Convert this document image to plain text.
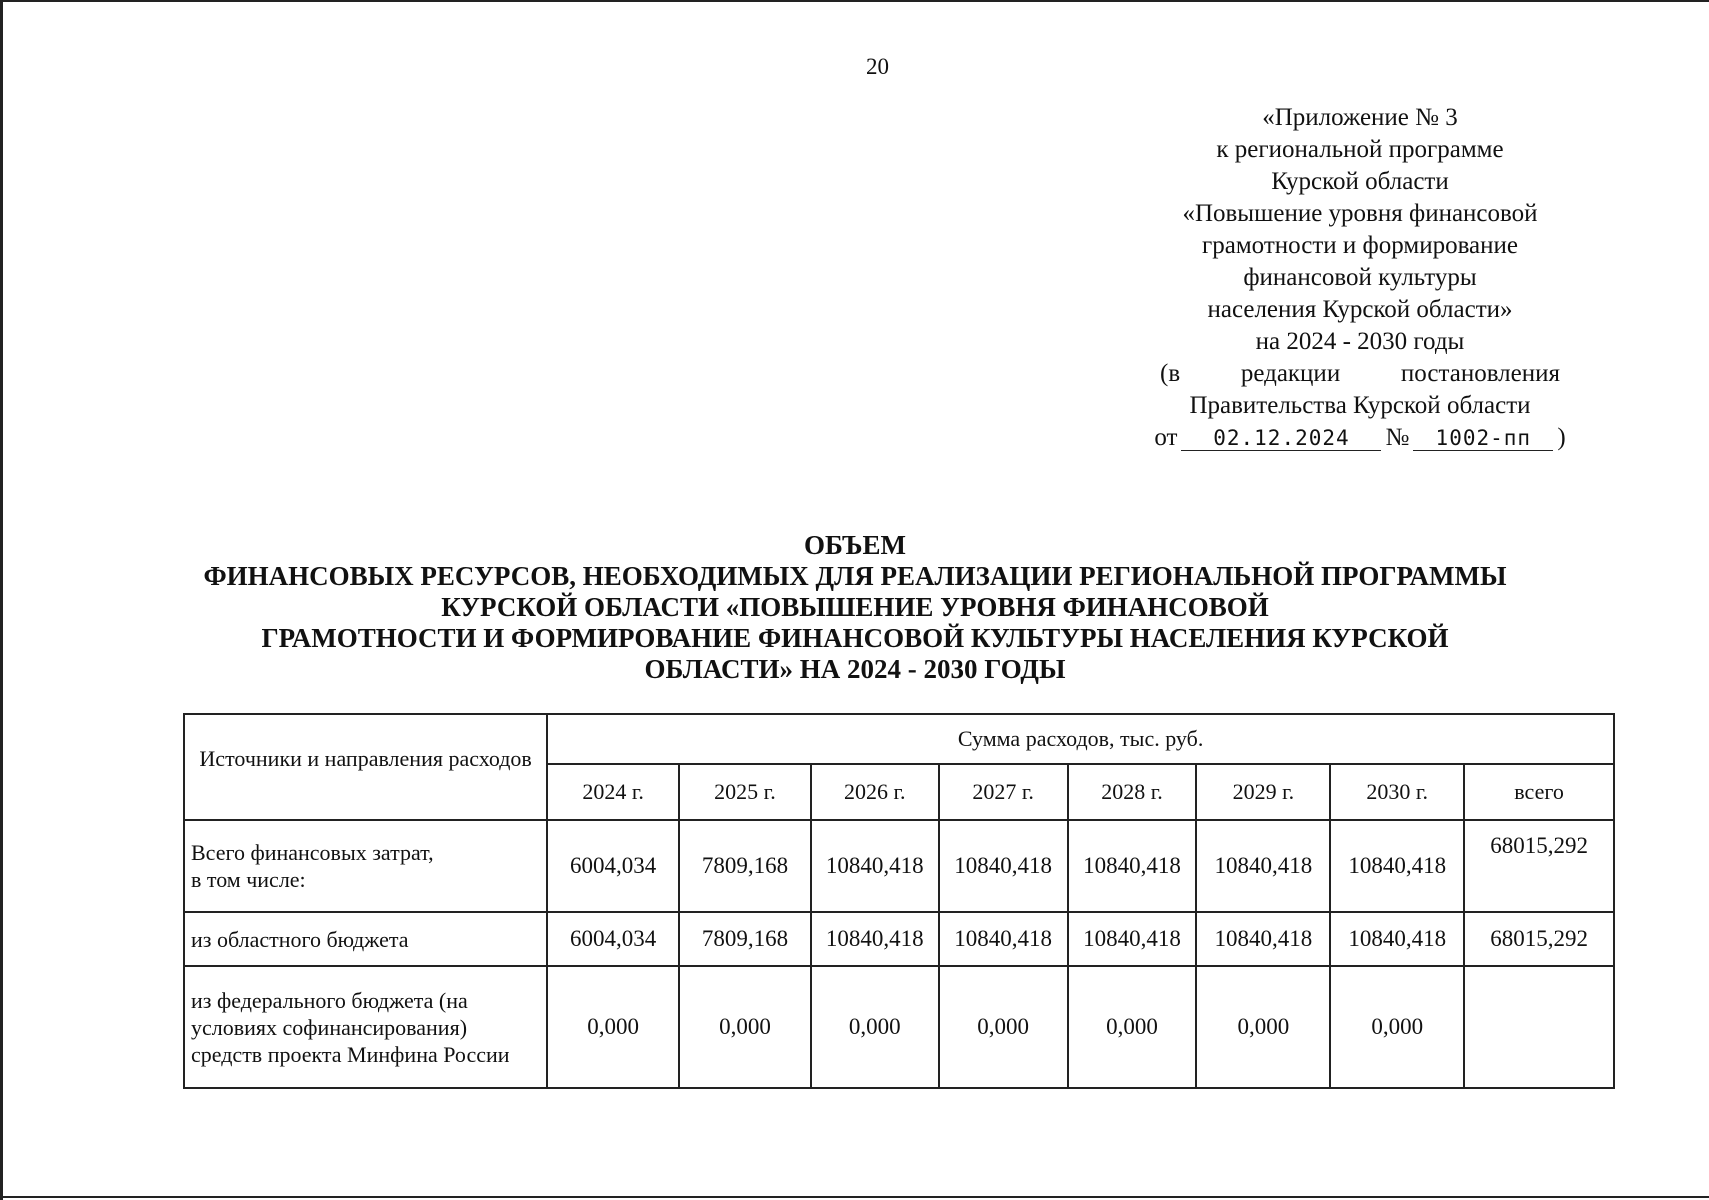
20
«Приложение № 3
к региональной программе
Курской области
«Повышение уровня финансовой
грамотности и формирование
финансовой культуры
населения Курской области»
на 2024 - 2030 годы
(в редакции постановления
Правительства Курской области
от	02.12.2024	№	1002-пп	)
ОБЪЕМ
ФИНАНСОВЫХ РЕСУРСОВ, НЕОБХОДИМЫХ ДЛЯ РЕАЛИЗАЦИИ РЕГИОНАЛЬНОЙ ПРОГРАММЫ
КУРСКОЙ ОБЛАСТИ «ПОВЫШЕНИЕ УРОВНЯ ФИНАНСОВОЙ
ГРАМОТНОСТИ И ФОРМИРОВАНИЕ ФИНАНСОВОЙ КУЛЬТУРЫ НАСЕЛЕНИЯ КУРСКОЙ
ОБЛАСТИ» НА 2024 - 2030 ГОДЫ
Источники и направления расходов	Сумма расходов, тыс. руб.							
	2024 г.	2025 г.	2026 г.	2027 г.	2028 г.	2029 г.	2030 г.	всего

Всего финансовых затрат,
в том числе:	6004,034	7809,168	10840,418	10840,418	10840,418	10840,418	10840,418	68015,292

из областного бюджета	6004,034	7809,168	10840,418	10840,418	10840,418	10840,418	10840,418	68015,292

из федерального бюджета (на
условиях софинансирования)
средств проекта Минфина России	0,000	0,000	0,000	0,000	0,000	0,000	0,000	
